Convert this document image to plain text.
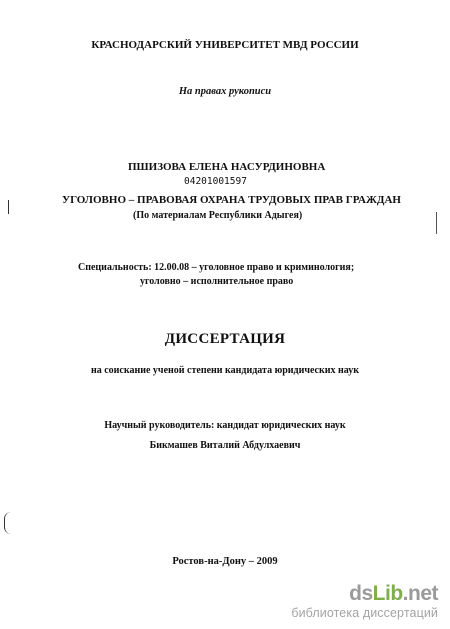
КРАСНОДАРСКИЙ УНИВЕРСИТЕТ МВД РОССИИ
На правах рукописи
ПШИЗОВА ЕЛЕНА НАСУРДИНОВНА
04201001597
УГОЛОВНО – ПРАВОВАЯ ОХРАНА ТРУДОВЫХ ПРАВ ГРАЖДАН
(По материалам Республики Адыгея)
Специальность: 12.00.08 – уголовное право и криминология;
уголовно – исполнительное право
ДИССЕРТАЦИЯ
на соискание ученой степени кандидата юридических наук
Научный руководитель: кандидат юридических наук
Бикмашев Виталий Абдулхаевич
Ростов-на-Дону – 2009
ds Lib . net
библиотека диссертаций
